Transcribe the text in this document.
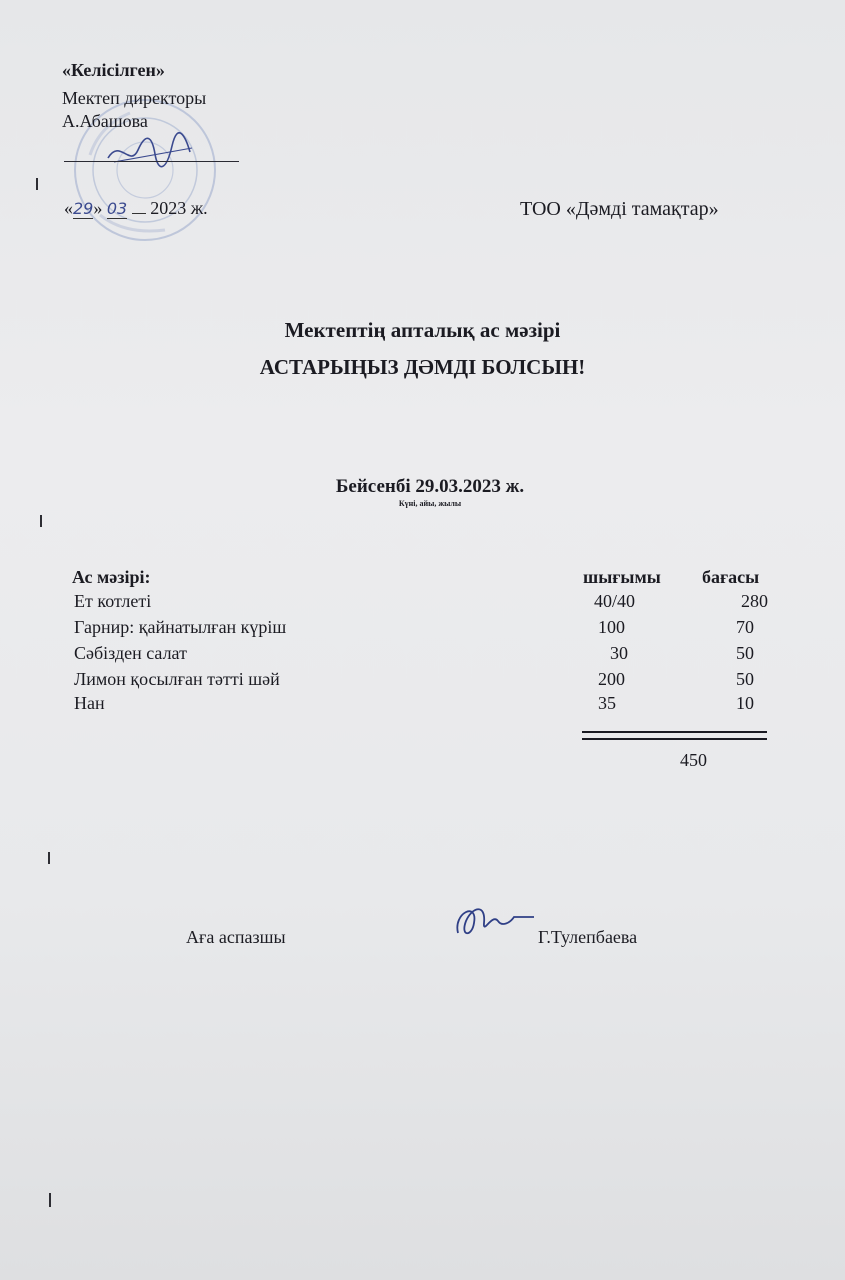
«Келісілген»
Мектеп директоры
А.Абашова
«29» 03 2023 ж.	ТОО «Дәмді тамақтар»
Мектептің апталық ас мәзірі
АСТАРЫҢЫЗ ДӘМДІ БОЛСЫН!
Бейсенбі 29.03.2023 ж.
Күні, айы, жылы
Ас мәзірі:	шығымы бағасы
Ет котлеті	40/40	280
Гарнир: қайнатылған күріш	100	70
Сәбізден салат	30	50
Лимон қосылған тәтті шәй	200	50
Нан	35	10
450
Аға аспазшы	Г.Тулепбаева
